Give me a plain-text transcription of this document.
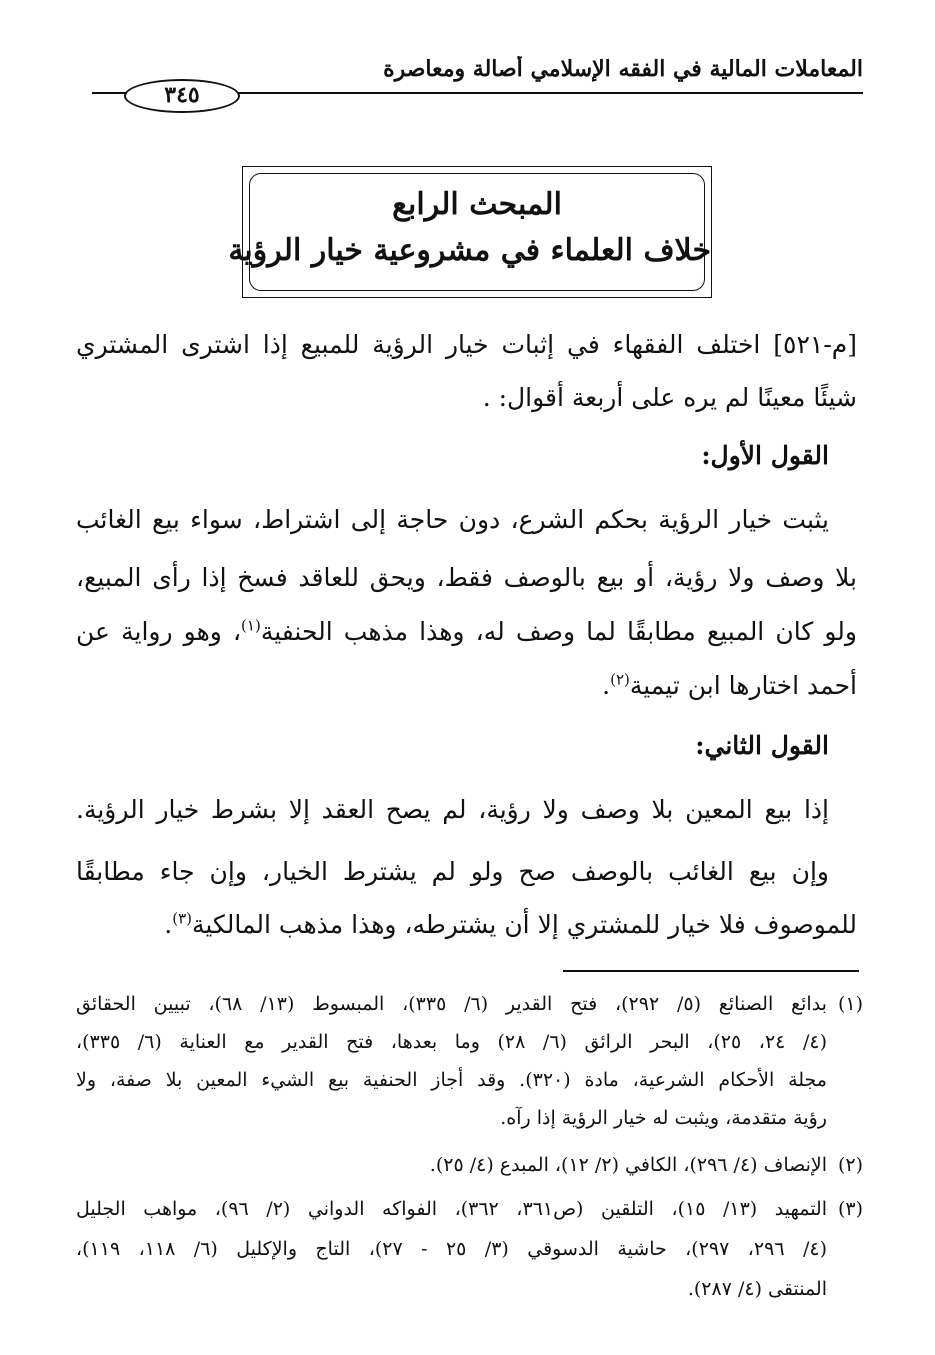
المعاملات المالية في الفقه الإسلامي أصالة ومعاصرة
٣٤٥
المبحث الرابع
خلاف العلماء في مشروعية خيار الرؤية
[م-٥٢١] اختلف الفقهاء في إثبات خيار الرؤية للمبيع إذا اشترى المشتري
شيئًا معينًا لم يره على أربعة أقوال: .
القول الأول:
يثبت خيار الرؤية بحكم الشرع، دون حاجة إلى اشتراط، سواء بيع الغائب
بلا وصف ولا رؤية، أو بيع بالوصف فقط، ويحق للعاقد فسخ إذا رأى المبيع،
ولو كان المبيع مطابقًا لما وصف له، وهذا مذهب الحنفية$^{(١)}$، وهو رواية عن
أحمد اختارها ابن تيمية$^{(٢)}$.
القول الثاني:
إذا بيع المعين بلا وصف ولا رؤية، لم يصح العقد إلا بشرط خيار الرؤية.
وإن بيع الغائب بالوصف صح ولو لم يشترط الخيار، وإن جاء مطابقًا
للموصوف فلا خيار للمشتري إلا أن يشترطه، وهذا مذهب المالكية$^{(٣)}$.
(١)
بدائع الصنائع (٥/ ٢٩٢)، فتح القدير (٦/ ٣٣٥)، المبسوط (١٣/ ٦٨)، تبيين الحقائق
(٤/ ٢٤، ٢٥)، البحر الرائق (٦/ ٢٨) وما بعدها، فتح القدير مع العناية (٦/ ٣٣٥)،
مجلة الأحكام الشرعية، مادة (٣٢٠). وقد أجاز الحنفية بيع الشيء المعين بلا صفة، ولا
رؤية متقدمة، ويثبت له خيار الرؤية إذا رآه.
(٢)
الإنصاف (٤/ ٢٩٦)، الكافي (٢/ ١٢)، المبدع (٤/ ٢٥).
(٣)
التمهيد (١٣/ ١٥)، التلقين (ص٣٦١، ٣٦٢)، الفواكه الدواني (٢/ ٩٦)، مواهب الجليل
(٤/ ٢٩٦، ٢٩٧)، حاشية الدسوقي (٣/ ٢٥ - ٢٧)، التاج والإكليل (٦/ ١١٨، ١١٩)،
المنتقى (٤/ ٢٨٧).
